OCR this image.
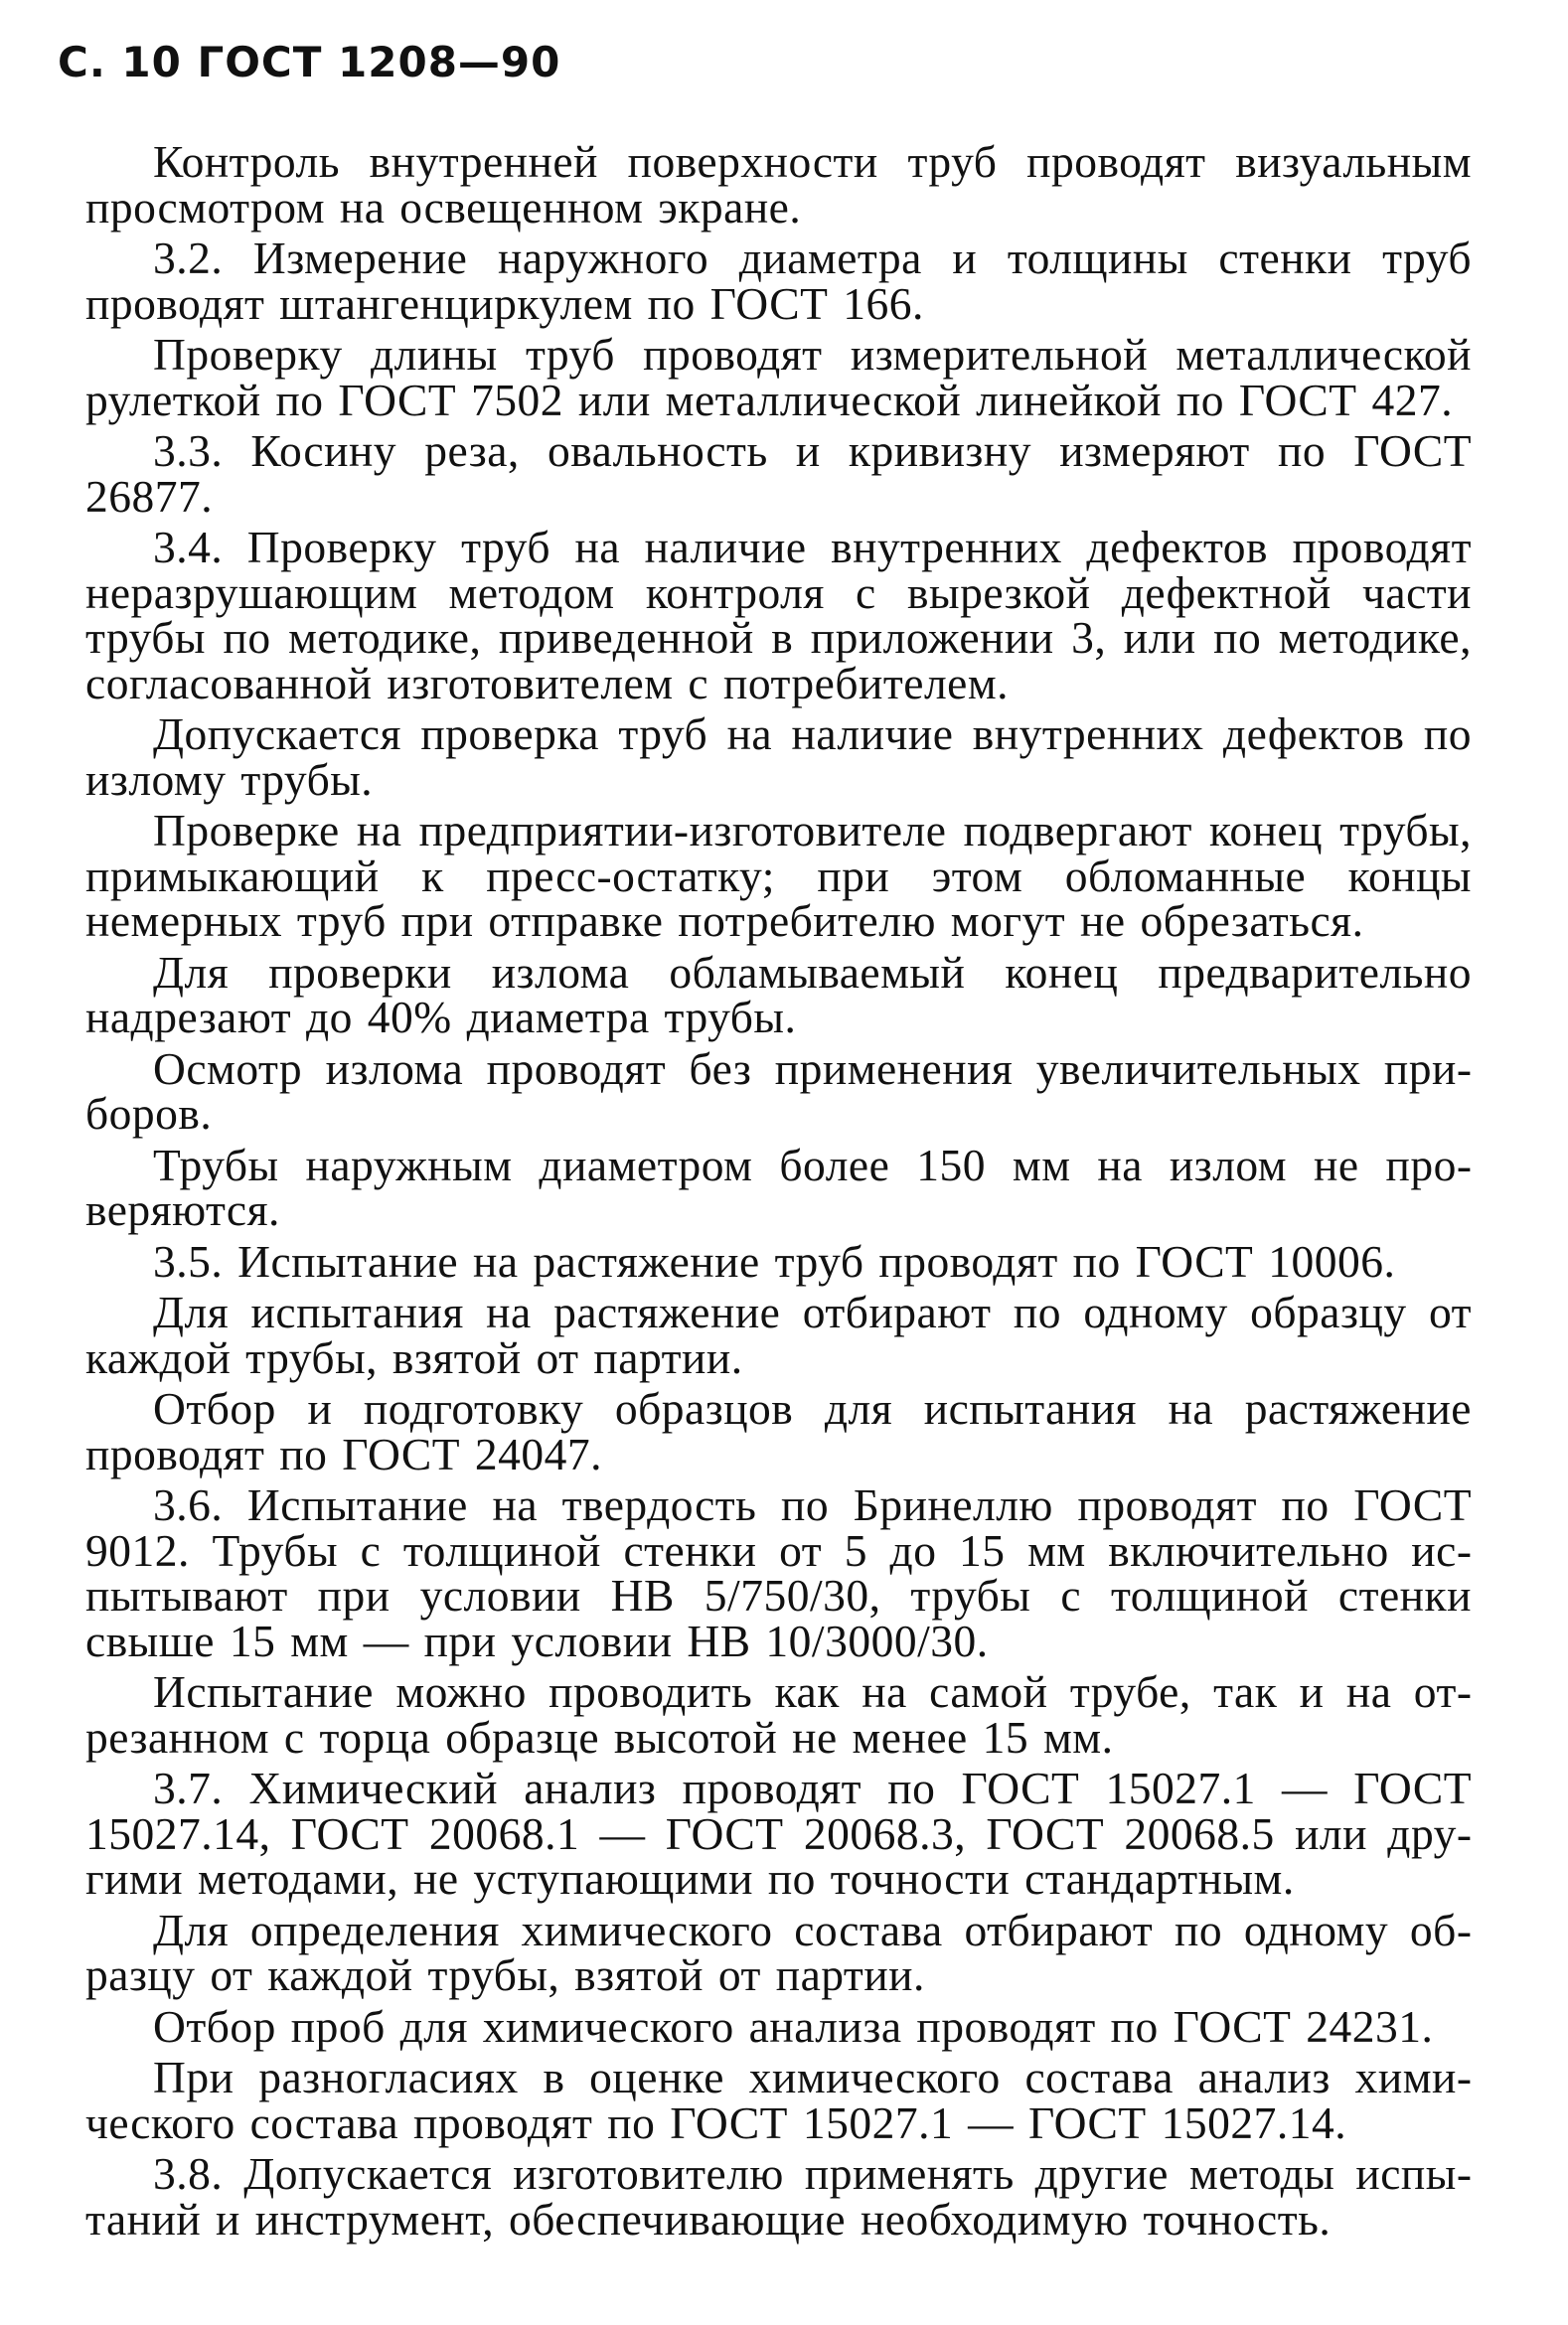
С. 10 ГОСТ 1208—90

Контроль внутренней поверхности труб проводят визуальным просмотром на освещенном экране.

3.2. Измерение наружного диаметра и толщины стенки труб проводят штангенциркулем по ГОСТ 166.

Проверку длины труб проводят измерительной металлической рулеткой по ГОСТ 7502 или металлической линейкой по ГОСТ 427.

3.3. Косину реза, овальность и кривизну измеряют по ГОСТ 26877.

3.4. Проверку труб на наличие внутренних дефектов проводят неразрушающим методом контроля с вырезкой дефектной части трубы по методике, приведенной в приложении 3, или по методике, согласованной изготовителем с потребителем.

Допускается проверка труб на наличие внутренних дефектов по излому трубы.

Проверке на предприятии-изготовителе подвергают конец трубы, примыкающий к пресс-остатку; при этом обломанные концы немерных труб при отправке потребителю могут не обрезаться.

Для проверки излома обламываемый конец предварительно надрезают до 40% диаметра трубы.

Осмотр излома проводят без применения увеличительных приборов.

Трубы наружным диаметром более 150 мм на излом не проверяются.

3.5. Испытание на растяжение труб проводят по ГОСТ 10006.

Для испытания на растяжение отбирают по одному образцу от каждой трубы, взятой от партии.

Отбор и подготовку образцов для испытания на растяжение проводят по ГОСТ 24047.

3.6. Испытание на твердость по Бринеллю проводят по ГОСТ 9012. Трубы с толщиной стенки от 5 до 15 мм включительно испытывают при условии НВ 5/750/30, трубы с толщиной стенки свыше 15 мм — при условии НВ 10/3000/30.

Испытание можно проводить как на самой трубе, так и на отрезанном с торца образце высотой не менее 15 мм.

3.7. Химический анализ проводят по ГОСТ 15027.1 — ГОСТ 15027.14, ГОСТ 20068.1 — ГОСТ 20068.3, ГОСТ 20068.5 или другими методами, не уступающими по точности стандартным.

Для определения химического состава отбирают по одному образцу от каждой трубы, взятой от партии.

Отбор проб для химического анализа проводят по ГОСТ 24231.

При разногласиях в оценке химического состава анализ химического состава проводят по ГОСТ 15027.1 — ГОСТ 15027.14.

3.8. Допускается изготовителю применять другие методы испытаний и инструмент, обеспечивающие необходимую точность.
